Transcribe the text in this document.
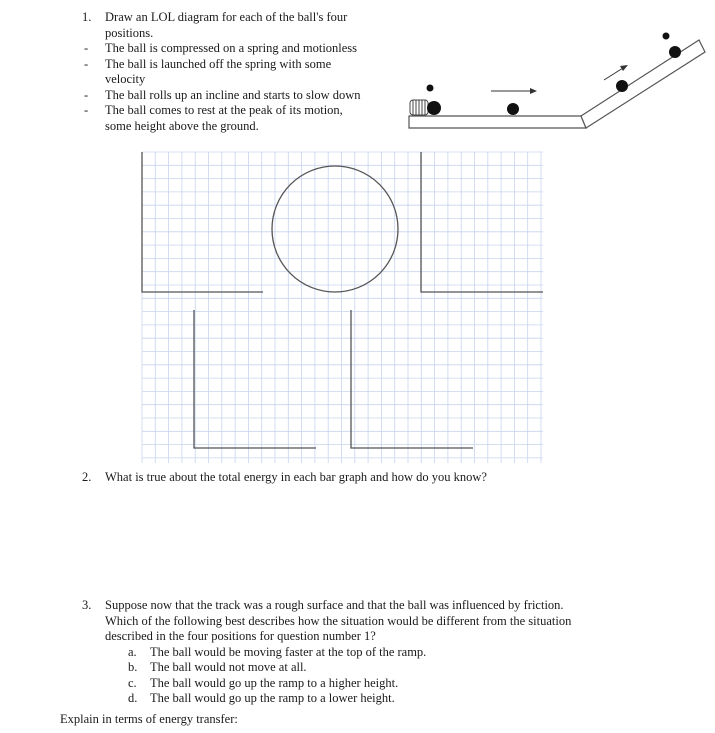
1. Draw an LOL diagram for each of the ball's four
positions.
- The ball is compressed on a spring and motionless
- The ball is launched off the spring with some
velocity
- The ball rolls up an incline and starts to slow down
- The ball comes to rest at the peak of its motion,
some height above the ground.
2. What is true about the total energy in each bar graph and how do you know?
3. Suppose now that the track was a rough surface and that the ball was influenced by friction.
Which of the following best describes how the situation would be different from the situation
described in the four positions for question number 1?
a. The ball would be moving faster at the top of the ramp.
b. The ball would not move at all.
c. The ball would go up the ramp to a higher height.
d. The ball would go up the ramp to a lower height.
Explain in terms of energy transfer:
